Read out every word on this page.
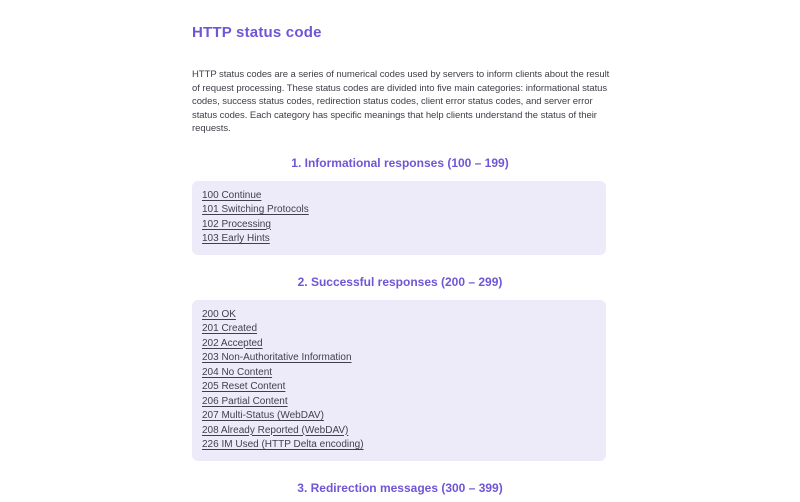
HTTP status code

HTTP status codes are a series of numerical codes used by servers to inform clients about the result of request processing. These status codes are divided into five main categories: informational status codes, success status codes, redirection status codes, client error status codes, and server error status codes. Each category has specific meanings that help clients understand the status of their requests.

1. Informational responses (100 – 199)
100 Continue
101 Switching Protocols
102 Processing
103 Early Hints
2. Successful responses (200 – 299)
200 OK
201 Created
202 Accepted
203 Non-Authoritative Information
204 No Content
205 Reset Content
206 Partial Content
207 Multi-Status (WebDAV)
208 Already Reported (WebDAV)
226 IM Used (HTTP Delta encoding)
3. Redirection messages (300 – 399)
